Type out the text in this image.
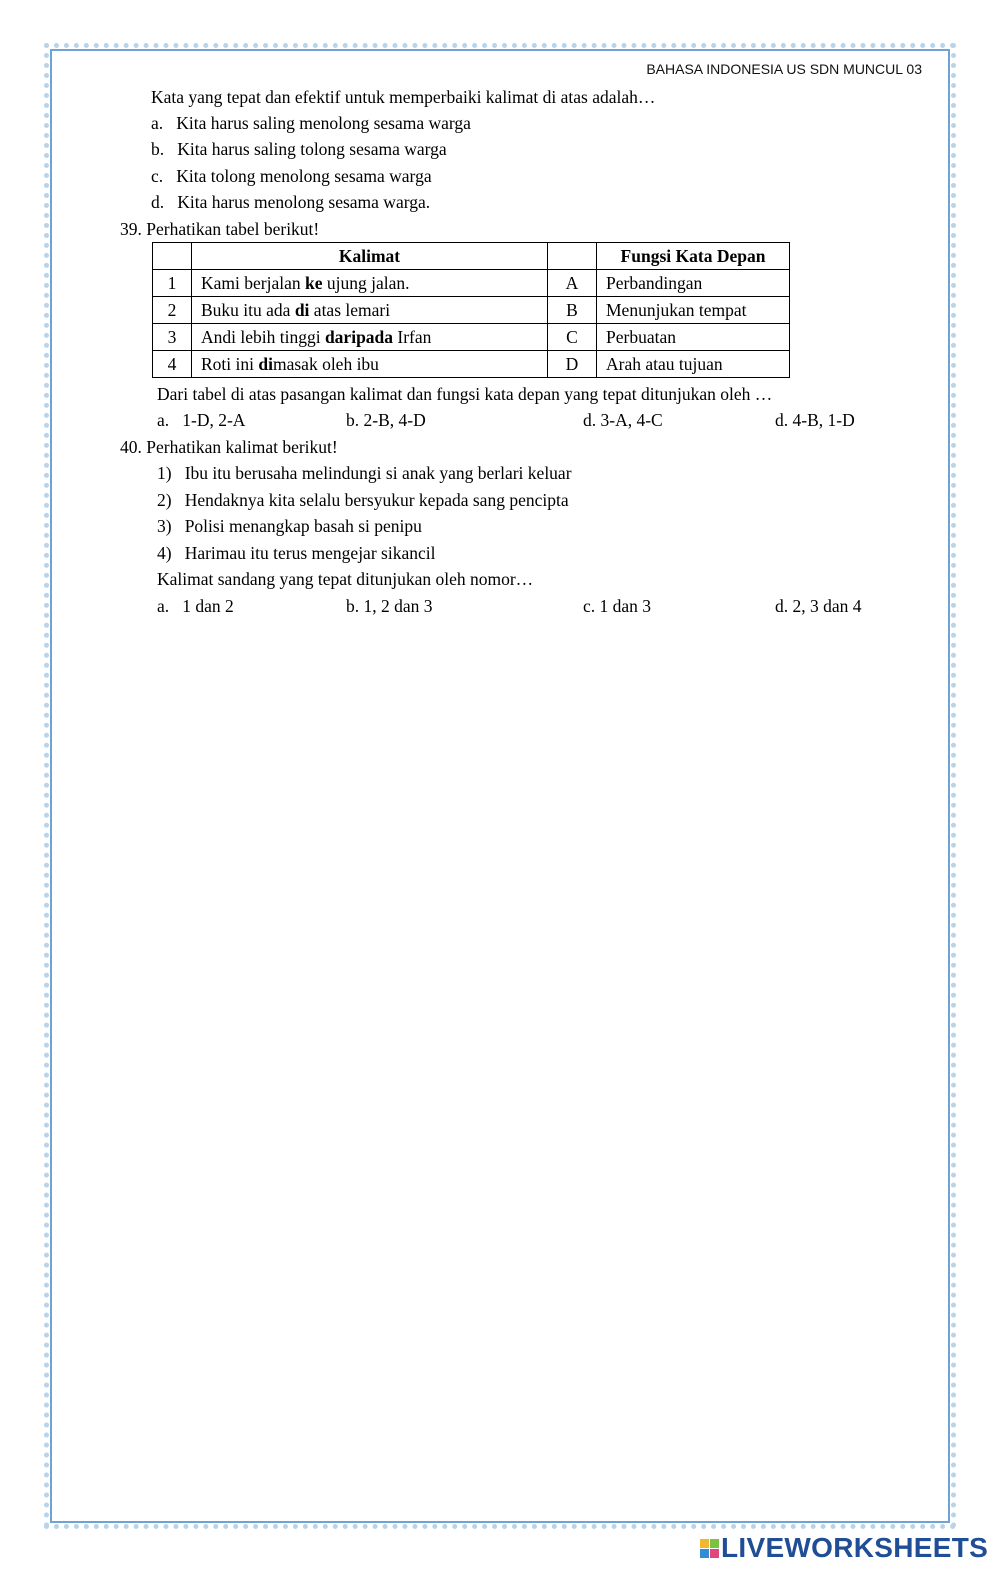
BAHASA INDONESIA US SDN MUNCUL 03
Kata yang tepat dan efektif untuk memperbaiki kalimat di atas adalah…
a.   Kita harus saling menolong sesama warga
b.   Kita harus saling tolong sesama warga
c.   Kita tolong menolong sesama warga
d.   Kita harus menolong sesama warga.
39. Perhatikan tabel berikut!
	Kalimat		Fungsi Kata Depan
1	Kami berjalan ke ujung jalan.	A	Perbandingan
2	Buku itu ada di atas lemari	B	Menunjukan tempat
3	Andi lebih tinggi daripada Irfan	C	Perbuatan
4	Roti ini dimasak oleh ibu	D	Arah atau tujuan
Dari tabel di atas pasangan kalimat dan fungsi kata depan yang tepat ditunjukan oleh …
a.   1-D, 2-A	b. 2-B, 4-D	d. 3-A, 4-C	d. 4-B, 1-D
40. Perhatikan kalimat berikut!
1)   Ibu itu berusaha melindungi si anak yang berlari keluar
2)   Hendaknya kita selalu bersyukur kepada sang pencipta
3)   Polisi menangkap basah si penipu
4)   Harimau itu terus mengejar sikancil
Kalimat sandang yang tepat ditunjukan oleh nomor…
a.   1 dan 2	b. 1, 2 dan 3	c. 1 dan 3	d. 2, 3 dan 4
LIVEWORKSHEETS
